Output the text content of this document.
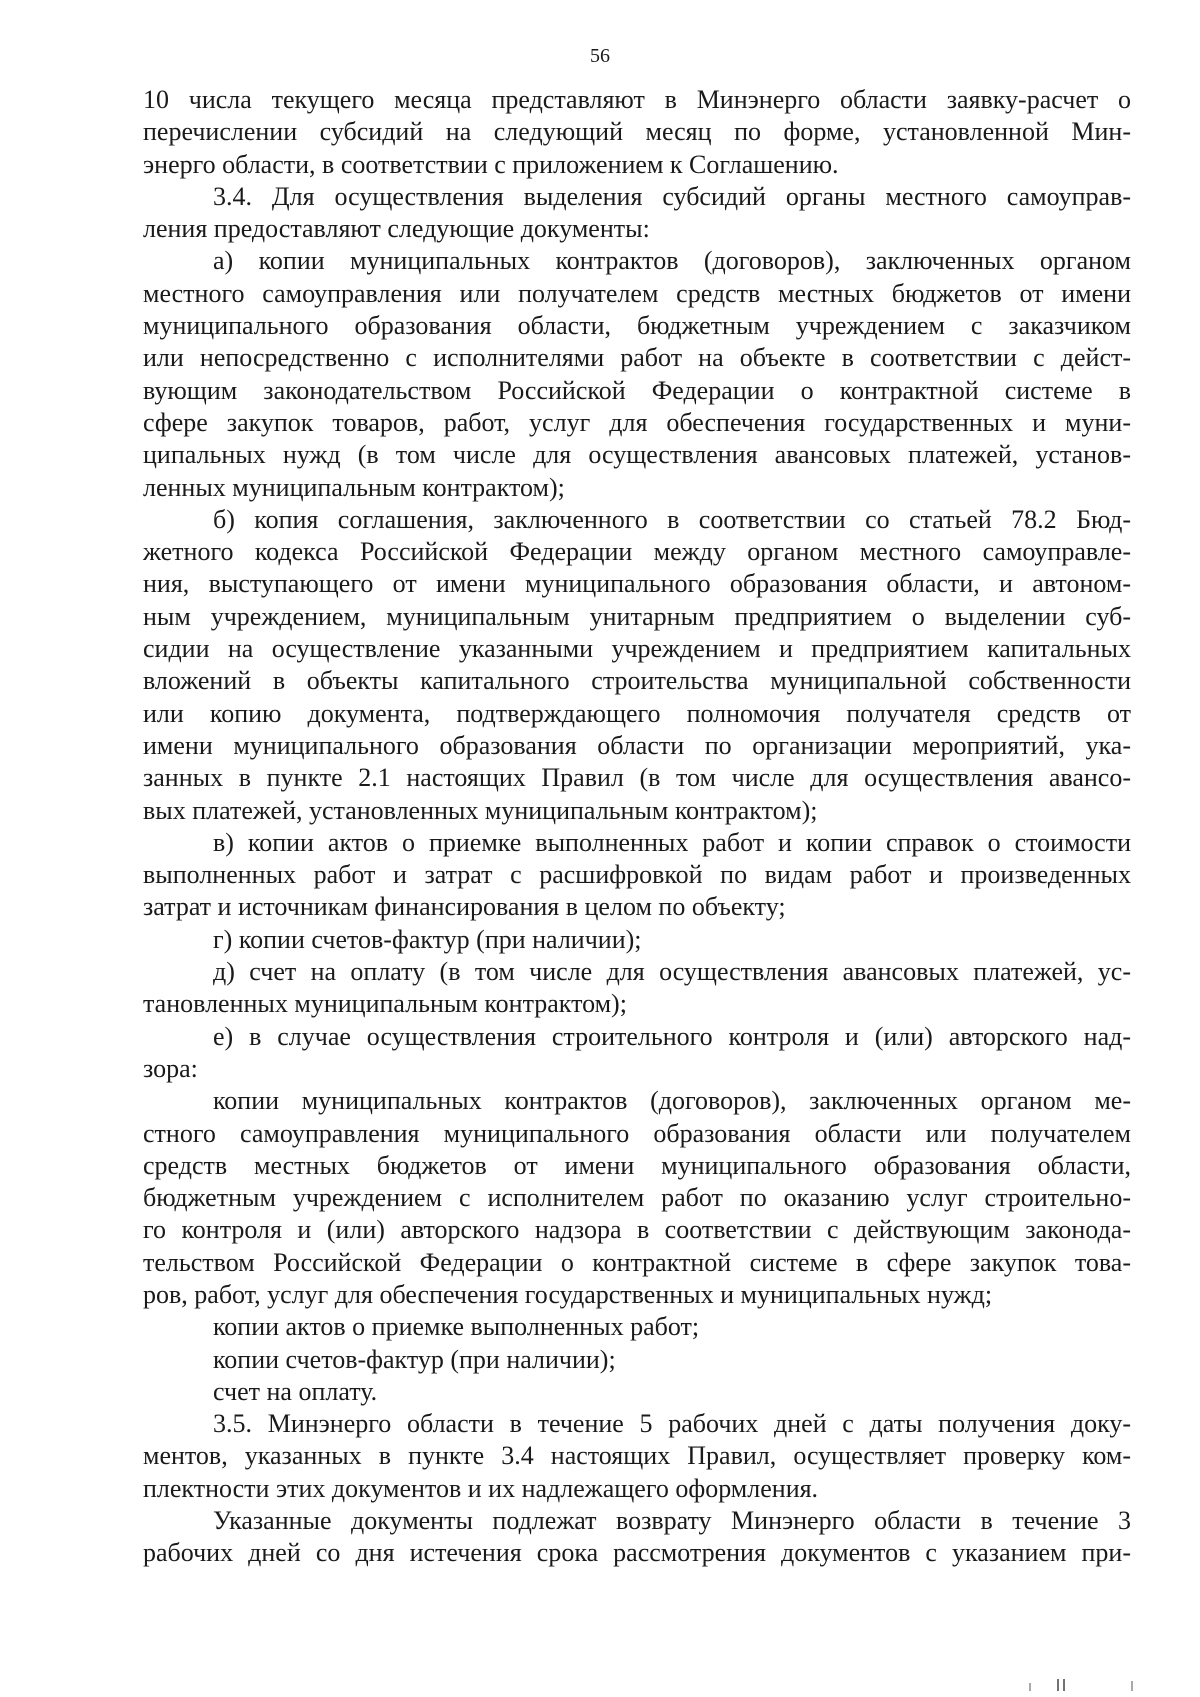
56
10 числа текущего месяца представляют в Минэнерго области заявку-расчет о
перечислении субсидий на следующий месяц по форме, установленной Мин-
энерго области, в соответствии с приложением к Соглашению.
3.4. Для осуществления выделения субсидий органы местного самоуправ-
ления предоставляют следующие документы:
а) копии муниципальных контрактов (договоров), заключенных органом
местного самоуправления или получателем средств местных бюджетов от имени
муниципального образования области, бюджетным учреждением с заказчиком
или непосредственно с исполнителями работ на объекте в соответствии с дейст-
вующим законодательством Российской Федерации о контрактной системе в
сфере закупок товаров, работ, услуг для обеспечения государственных и муни-
ципальных нужд (в том числе для осуществления авансовых платежей, установ-
ленных муниципальным контрактом);
б) копия соглашения, заключенного в соответствии со статьей 78.2 Бюд-
жетного кодекса Российской Федерации между органом местного самоуправле-
ния, выступающего от имени муниципального образования области, и автоном-
ным учреждением, муниципальным унитарным предприятием о выделении суб-
сидии на осуществление указанными учреждением и предприятием капитальных
вложений в объекты капитального строительства муниципальной собственности
или копию документа, подтверждающего полномочия получателя средств от
имени муниципального образования области по организации мероприятий, ука-
занных в пункте 2.1 настоящих Правил (в том числе для осуществления авансо-
вых платежей, установленных муниципальным контрактом);
в) копии актов о приемке выполненных работ и копии справок о стоимости
выполненных работ и затрат с расшифровкой по видам работ и произведенных
затрат и источникам финансирования в целом по объекту;
г) копии счетов-фактур (при наличии);
д) счет на оплату (в том числе для осуществления авансовых платежей, ус-
тановленных муниципальным контрактом);
е) в случае осуществления строительного контроля и (или) авторского над-
зора:
копии муниципальных контрактов (договоров), заключенных органом ме-
стного самоуправления муниципального образования области или получателем
средств местных бюджетов от имени муниципального образования области,
бюджетным учреждением с исполнителем работ по оказанию услуг строительно-
го контроля и (или) авторского надзора в соответствии с действующим законода-
тельством Российской Федерации о контрактной системе в сфере закупок това-
ров, работ, услуг для обеспечения государственных и муниципальных нужд;
копии актов о приемке выполненных работ;
копии счетов-фактур (при наличии);
счет на оплату.
3.5. Минэнерго области в течение 5 рабочих дней с даты получения доку-
ментов, указанных в пункте 3.4 настоящих Правил, осуществляет проверку ком-
плектности этих документов и их надлежащего оформления.
Указанные документы подлежат возврату Минэнерго области в течение 3
рабочих дней со дня истечения срока рассмотрения документов с указанием при-
